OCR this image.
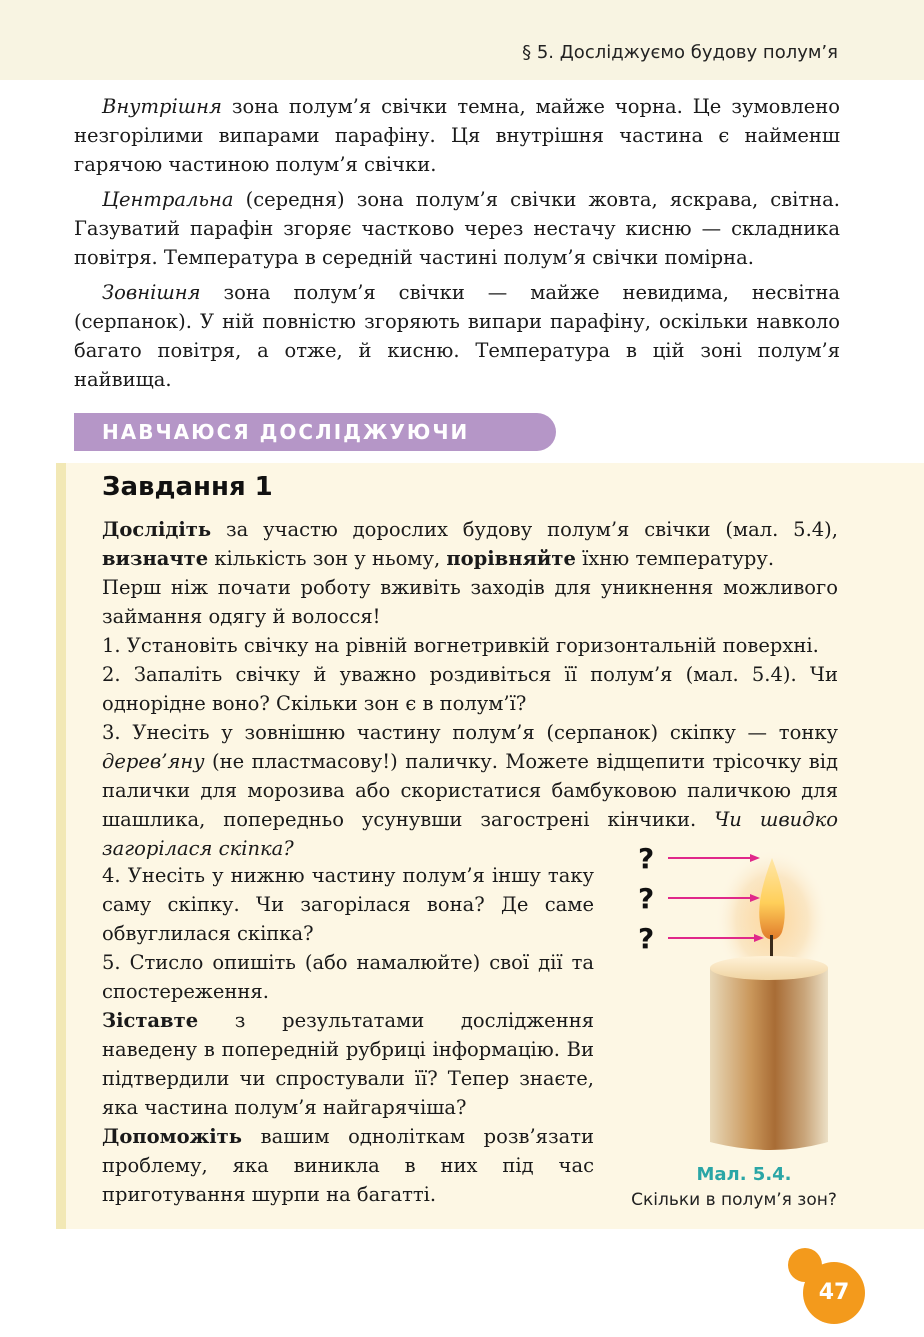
§ 5. Досліджуємо будову полум’я

Внутрішня зона полум’я свічки темна, майже чорна. Це зумовлено незгорілими випарами парафіну. Ця внутрішня частина є найменш гарячою частиною полум’я свічки.

Центральна (середня) зона полум’я свічки жовта, яскрава, світна. Газуватий парафін згоряє частково через нестачу кисню — складника повітря. Температура в середній частині полум’я свічки помірна.

Зовнішня зона полум’я свічки — майже невидима, несвітна (серпанок). У ній повністю згоряють випари парафіну, оскільки навколо багато повітря, а отже, й кисню. Температура в цій зоні полум’я найвища.

НАВЧАЮСЯ ДОСЛІДЖУЮЧИ
Завдання 1

Дослідіть за участю дорослих будову полум’я свічки (мал. 5.4), визначте кількість зон у ньому, порівняйте їхню температуру.

Перш ніж почати роботу вживіть заходів для уникнення можливого займання одягу й волосся!

1. Установіть свічку на рівній вогнетривкій горизонтальній поверхні.

2. Запаліть свічку й уважно роздивіться її полум’я (мал. 5.4). Чи однорідне воно? Скільки зон є в полум’ї?

3. Унесіть у зовнішню частину полум’я (серпанок) скіпку — тонку дерев’яну (не пластмасову!) паличку. Можете відщепити трісочку від палички для морозива або скористатися бамбуковою паличкою для шашлика, попередньо усунувши загострені кінчики. Чи швидко загорілася скіпка?

4. Унесіть у нижню частину полум’я іншу таку саму скіпку. Чи загорілася вона? Де саме обвуглилася скіпка?

5. Стисло опишіть (або намалюйте) свої дії та спостереження.

Зіставте з результатами дослідження наведену в попередній рубриці інформацію. Ви підтвердили чи спростували її? Тепер знаєте, яка частина полум’я найгарячіша?

Допоможіть вашим одноліткам розв’язати проблему, яка виникла в них під час приготування шурпи на багатті.

?
?
?
Мал. 5.4.
Скільки в полум’я зон?
47
